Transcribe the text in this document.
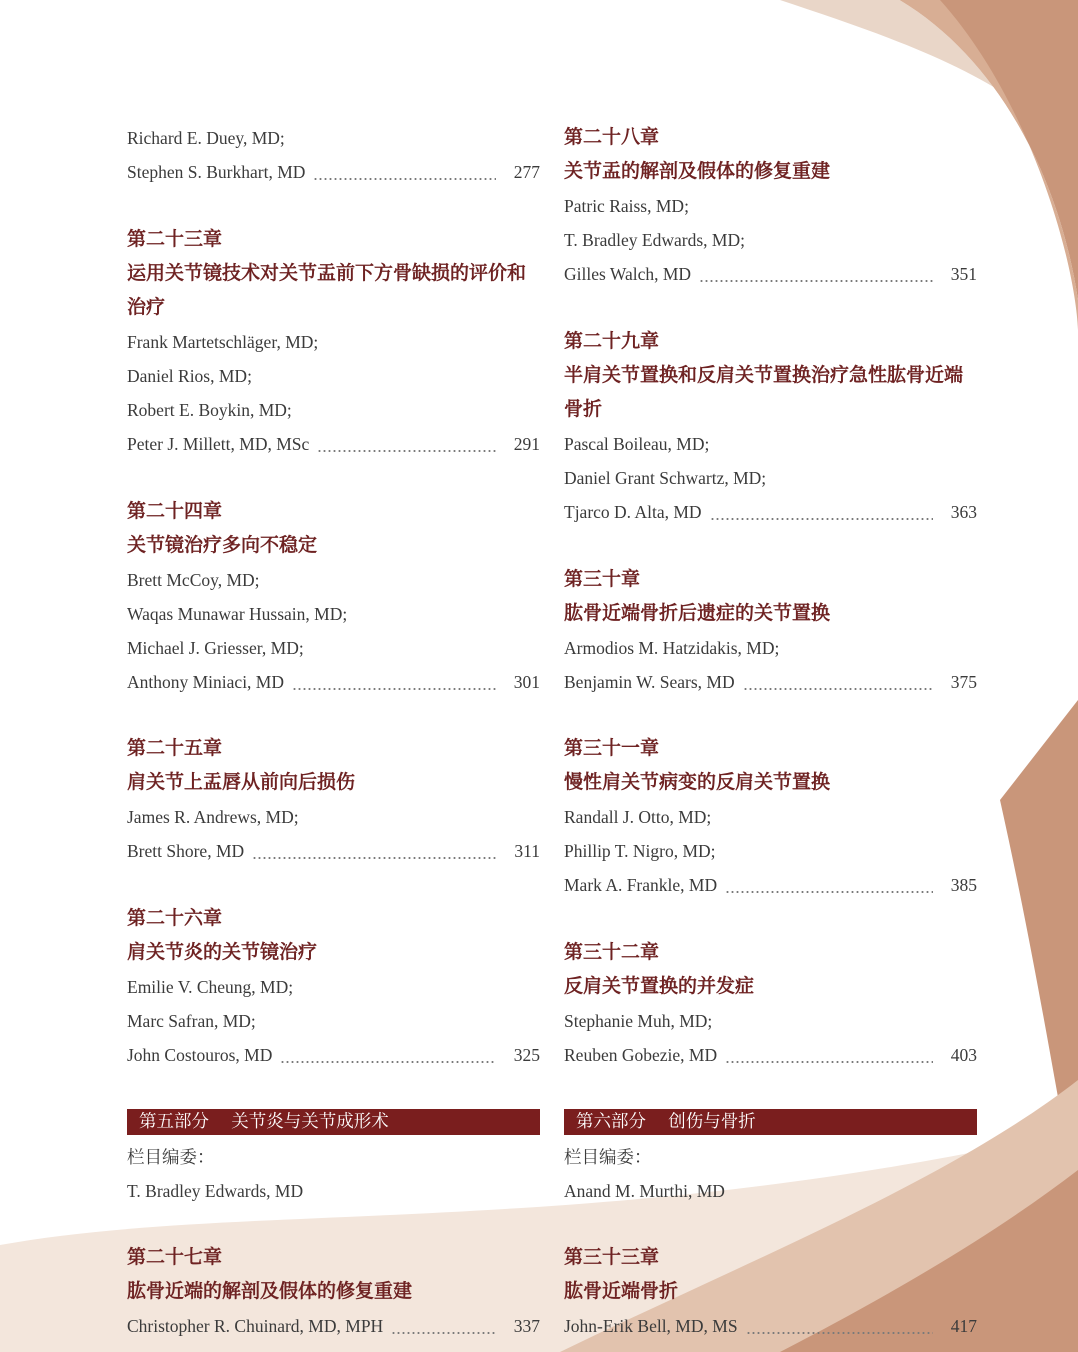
Richard E. Duey, MD;
Stephen S. Burkhart, MD	277
第二十三章
运用关节镜技术对关节盂前下方骨缺损的评价和
治疗
Frank Martetschläger, MD;
Daniel Rios, MD;
Robert E. Boykin, MD;
Peter J. Millett, MD, MSc	291
第二十四章
关节镜治疗多向不稳定
Brett McCoy, MD;
Waqas Munawar Hussain, MD;
Michael J. Griesser, MD;
Anthony Miniaci, MD	301
第二十五章
肩关节上盂唇从前向后损伤
James R. Andrews, MD;
Brett Shore, MD	311
第二十六章
肩关节炎的关节镜治疗
Emilie V. Cheung, MD;
Marc Safran, MD;
John Costouros, MD	325
第五部分    关节炎与关节成形术
栏目编委：
T. Bradley Edwards, MD
第二十七章
肱骨近端的解剖及假体的修复重建
Christopher R. Chuinard, MD, MPH	337
第二十八章
关节盂的解剖及假体的修复重建
Patric Raiss, MD;
T. Bradley Edwards, MD;
Gilles Walch, MD	351
第二十九章
半肩关节置换和反肩关节置换治疗急性肱骨近端
骨折
Pascal Boileau, MD;
Daniel Grant Schwartz, MD;
Tjarco D. Alta, MD	363
第三十章
肱骨近端骨折后遗症的关节置换
Armodios M. Hatzidakis, MD;
Benjamin W. Sears, MD	375
第三十一章
慢性肩关节病变的反肩关节置换
Randall J. Otto, MD;
Phillip T. Nigro, MD;
Mark A. Frankle, MD	385
第三十二章
反肩关节置换的并发症
Stephanie Muh, MD;
Reuben Gobezie, MD	403
第六部分    创伤与骨折
栏目编委：
Anand M. Murthi, MD
第三十三章
肱骨近端骨折
John-Erik Bell, MD, MS	417
